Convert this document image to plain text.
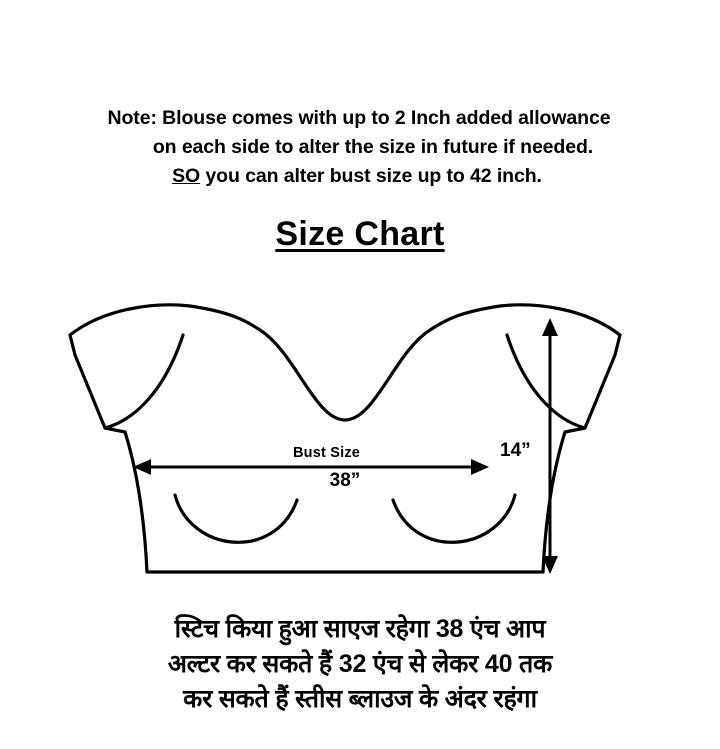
Note: Blouse comes with up to 2 Inch added allowance
on each side to alter the size in future if needed.
SO you can alter bust size up to 42 inch.
Size Chart
Bust Size
38”
14”
स्टिच किया हुआ साएज रहेगा 38 एंच आप
अल्टर कर सकते हैं 32 एंच से लेकर 40 तक
कर सकते हैं स्तीस ब्लाउज के अंदर रहंगा
